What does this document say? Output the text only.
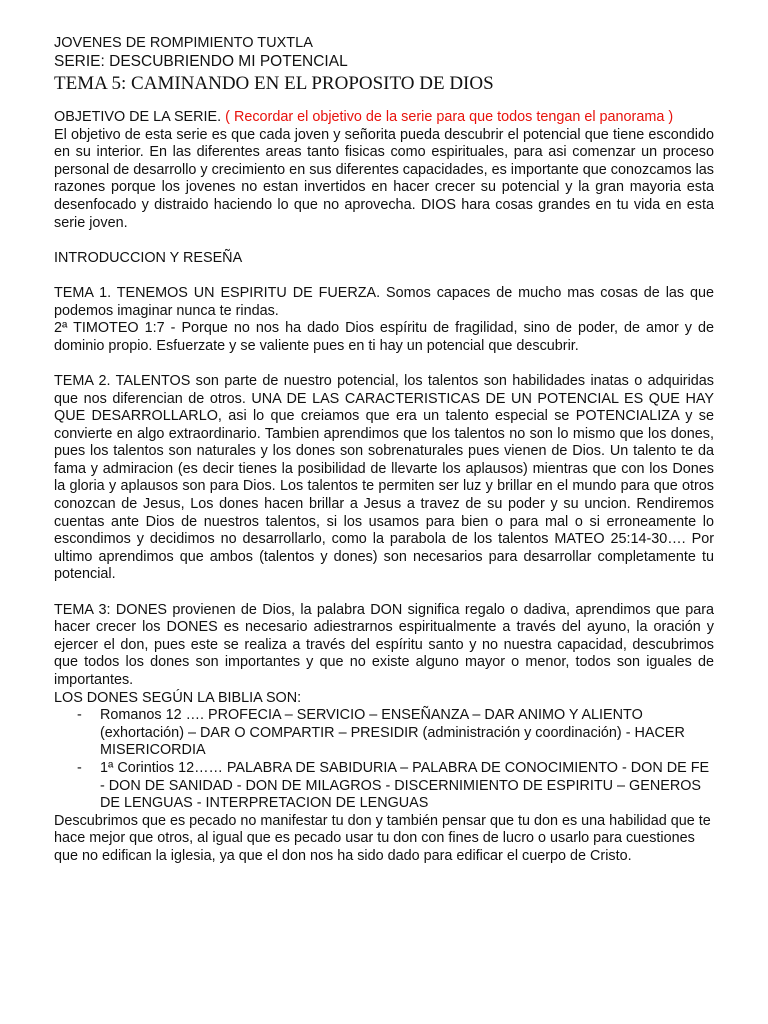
JOVENES DE ROMPIMIENTO TUXTLA
SERIE: DESCUBRIENDO MI POTENCIAL
TEMA 5: CAMINANDO EN EL PROPOSITO DE DIOS

OBJETIVO DE LA SERIE. ( Recordar el objetivo de la serie para que todos tengan el panorama )

El objetivo de esta serie es que cada joven y señorita pueda descubrir el potencial que tiene escondido en su interior. En las diferentes areas tanto fisicas como espirituales, para asi comenzar un proceso personal de desarrollo y crecimiento en sus diferentes capacidades, es importante que conozcamos las razones porque los jovenes no estan invertidos en hacer crecer su potencial y la gran mayoria esta desenfocado y distraido haciendo lo que no aprovecha. DIOS hara cosas grandes en tu vida en esta serie joven.

INTRODUCCION Y RESEÑA

TEMA 1. TENEMOS UN ESPIRITU DE FUERZA. Somos capaces de mucho mas cosas de las que podemos imaginar nunca te rindas.

2ª TIMOTEO 1:7 - Porque no nos ha dado Dios espíritu de fragilidad, sino de poder, de amor y de dominio propio. Esfuerzate y se valiente pues en ti hay un potencial que descubrir.

TEMA 2. TALENTOS son parte de nuestro potencial, los talentos son habilidades inatas o adquiridas que nos diferencian de otros. UNA DE LAS CARACTERISTICAS DE UN POTENCIAL ES QUE HAY QUE DESARROLLARLO, asi lo que creiamos que era un talento especial se POTENCIALIZA y se convierte en algo extraordinario. Tambien aprendimos que los talentos no son lo mismo que los dones, pues los talentos son naturales y los dones son sobrenaturales pues vienen de Dios. Un talento te da fama y admiracion (es decir tienes la posibilidad de llevarte los aplausos) mientras que con los Dones la gloria y aplausos son para Dios. Los talentos te permiten ser luz y brillar en el mundo para que otros conozcan de Jesus, Los dones hacen brillar a Jesus a travez de su poder y su uncion. Rendiremos cuentas ante Dios de nuestros talentos, si los usamos para bien o para mal o si erroneamente lo escondimos y decidimos no desarrollarlo, como la parabola de los talentos MATEO 25:14-30…. Por ultimo aprendimos que ambos (talentos y dones) son necesarios para desarrollar completamente tu potencial.

TEMA 3: DONES provienen de Dios, la palabra DON significa regalo o dadiva, aprendimos que para hacer crecer los DONES es necesario adiestrarnos espiritualmente a través del ayuno, la oración y ejercer el don, pues este se realiza a través del espíritu santo y no nuestra capacidad, descubrimos que todos los dones son importantes y que no existe alguno mayor o menor, todos son iguales de importantes.

LOS DONES SEGÚN LA BIBLIA SON:

- Romanos 12 …. PROFECIA – SERVICIO – ENSEÑANZA – DAR ANIMO Y ALIENTO (exhortación) – DAR O COMPARTIR – PRESIDIR (administración y coordinación) - HACER MISERICORDIA
- 1ª Corintios 12…… PALABRA DE SABIDURIA – PALABRA DE CONOCIMIENTO - DON DE FE - DON DE SANIDAD - DON DE MILAGROS - DISCERNIMIENTO DE ESPIRITU – GENEROS DE LENGUAS - INTERPRETACION DE LENGUAS

Descubrimos que es pecado no manifestar tu don y también pensar que tu don es una habilidad que te hace mejor que otros, al igual que es pecado usar tu don con fines de lucro o usarlo para cuestiones que no edifican la iglesia, ya que el don nos ha sido dado para edificar el cuerpo de Cristo.
